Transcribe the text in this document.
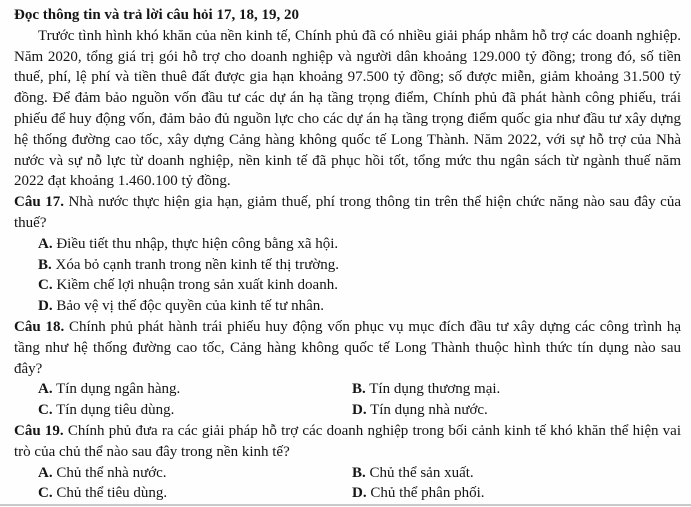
Đọc thông tin và trả lời câu hỏi 17, 18, 19, 20

Trước tình hình khó khăn của nền kinh tế, Chính phủ đã có nhiều giải pháp nhằm hỗ trợ các doanh nghiệp. Năm 2020, tổng giá trị gói hỗ trợ cho doanh nghiệp và người dân khoảng 129.000 tỷ đồng; trong đó, số tiền thuế, phí, lệ phí và tiền thuê đất được gia hạn khoảng 97.500 tỷ đồng; số được miễn, giảm khoảng 31.500 tỷ đồng. Để đảm bảo nguồn vốn đầu tư các dự án hạ tầng trọng điểm, Chính phủ đã phát hành công phiếu, trái phiếu để huy động vốn, đảm bảo đủ nguồn lực cho các dự án hạ tầng trọng điểm quốc gia như đầu tư xây dựng hệ thống đường cao tốc, xây dựng Cảng hàng không quốc tế Long Thành. Năm 2022, với sự hỗ trợ của Nhà nước và sự nỗ lực từ doanh nghiệp, nền kinh tế đã phục hồi tốt, tổng mức thu ngân sách từ ngành thuế năm 2022 đạt khoảng 1.460.100 tỷ đồng.

Câu 17. Nhà nước thực hiện gia hạn, giảm thuế, phí trong thông tin trên thể hiện chức năng nào sau đây của thuế?

A. Điều tiết thu nhập, thực hiện công bằng xã hội.
B. Xóa bỏ cạnh tranh trong nền kinh tế thị trường.
C. Kiềm chế lợi nhuận trong sản xuất kinh doanh.
D. Bảo vệ vị thế độc quyền của kinh tế tư nhân.

Câu 18. Chính phủ phát hành trái phiếu huy động vốn phục vụ mục đích đầu tư xây dựng các công trình hạ tầng như hệ thống đường cao tốc, Cảng hàng không quốc tế Long Thành thuộc hình thức tín dụng nào sau đây?

A. Tín dụng ngân hàng.	B. Tín dụng thương mại.
C. Tín dụng tiêu dùng.	D. Tín dụng nhà nước.

Câu 19. Chính phủ đưa ra các giải pháp hỗ trợ các doanh nghiệp trong bối cảnh kinh tế khó khăn thể hiện vai trò của chủ thể nào sau đây trong nền kinh tế?

A. Chủ thể nhà nước.	B. Chủ thể sản xuất.
C. Chủ thể tiêu dùng.	D. Chủ thể phân phối.
